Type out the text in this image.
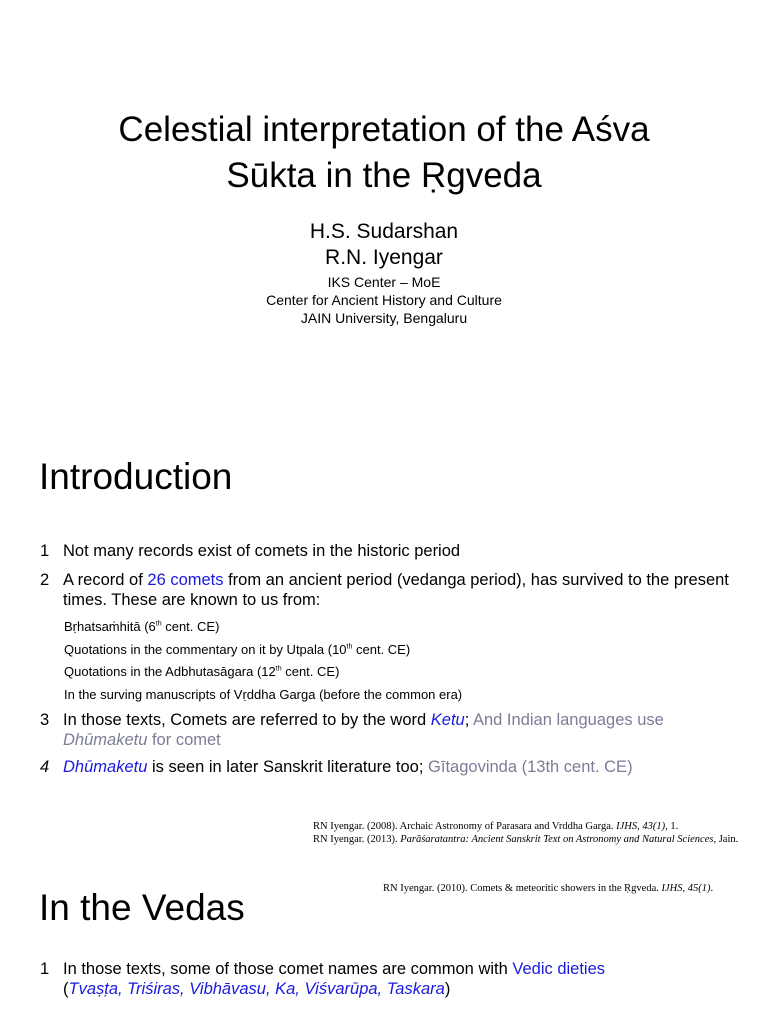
Celestial interpretation of the Aśva
Sūkta in the Ṛgveda
H.S. Sudarshan
R.N. Iyengar
IKS Center – MoE
Center for Ancient History and Culture
JAIN University, Bengaluru
Introduction
1 Not many records exist of comets in the historic period
2 A record of 26 comets from an ancient period (vedanga period), has survived to the present times. These are known to us from:
Bṛhatsaṁhitā (6th cent. CE)
Quotations in the commentary on it by Utpala (10th cent. CE)
Quotations in the Adbhutasāgara (12th cent. CE)
In the surving manuscripts of Vṛddha Garga (before the common era)
3 In those texts, Comets are referred to by the word Ketu; And Indian languages use Dhūmaketu for comet
4 Dhūmaketu is seen in later Sanskrit literature too; Gītagovinda (13th cent. CE)
RN Iyengar. (2008). Archaic Astronomy of Parasara and Vrddha Garga. IJHS, 43(1), 1.
RN Iyengar. (2013). Parāśaratantra: Ancient Sanskrit Text on Astronomy and Natural Sciences, Jain.
RN Iyengar. (2010). Comets & meteoritic showers in the Ṛgveda. IJHS, 45(1).
In the Vedas
1 In those texts, some of those comet names are common with Vedic dieties
(Tvaṣṭa, Triśiras, Vibhāvasu, Ka, Viśvarūpa, Taskara)
